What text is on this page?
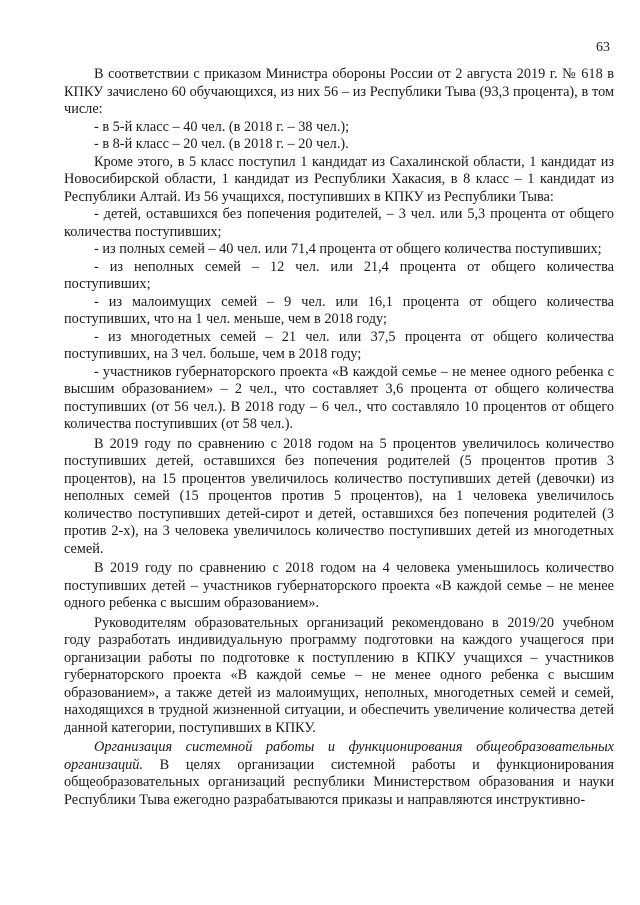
63

В соответствии с приказом Министра обороны России от 2 августа 2019 г. № 618 в КПКУ зачислено 60 обучающихся, из них 56 – из Республики Тыва (93,3 процента), в том числе:

- в 5-й класс – 40 чел. (в 2018 г. – 38 чел.);

- в 8-й класс – 20 чел. (в 2018 г. – 20 чел.).

Кроме этого, в 5 класс поступил 1 кандидат из Сахалинской области, 1 кандидат из Новосибирской области, 1 кандидат из Республики Хакасия, в 8 класс – 1 кандидат из Республики Алтай. Из 56 учащихся, поступивших в КПКУ из Республики Тыва:

- детей, оставшихся без попечения родителей, – 3 чел. или 5,3 процента от общего количества поступивших;

- из полных семей – 40 чел. или 71,4 процента от общего количества поступивших;

- из неполных семей – 12 чел. или 21,4 процента от общего количества поступивших;

- из малоимущих семей – 9 чел. или 16,1 процента от общего количества поступивших, что на 1 чел. меньше, чем в 2018 году;

- из многодетных семей – 21 чел. или 37,5 процента от общего количества поступивших, на 3 чел. больше, чем в 2018 году;

- участников губернаторского проекта «В каждой семье – не менее одного ребенка с высшим образованием» – 2 чел., что составляет 3,6 процента от общего количества поступивших (от 56 чел.). В 2018 году – 6 чел., что составляло 10 процентов от общего количества поступивших (от 58 чел.).

В 2019 году по сравнению с 2018 годом на 5 процентов увеличилось количество поступивших детей, оставшихся без попечения родителей (5 процентов против 3 процентов), на 15 процентов увеличилось количество поступивших детей (девочки) из неполных семей (15 процентов против 5 процентов), на 1 человека увеличилось количество поступивших детей-сирот и детей, оставшихся без попечения родителей (3 против 2-х), на 3 человека увеличилось количество поступивших детей из многодетных семей.

В 2019 году по сравнению с 2018 годом на 4 человека уменьшилось количество поступивших детей – участников губернаторского проекта «В каждой семье – не менее одного ребенка с высшим образованием».

Руководителям образовательных организаций рекомендовано в 2019/20 учебном году разработать индивидуальную программу подготовки на каждого учащегося при организации работы по подготовке к поступлению в КПКУ учащихся – участников губернаторского проекта «В каждой семье – не менее одного ребенка с высшим образованием», а также детей из малоимущих, неполных, многодетных семей и семей, находящихся в трудной жизненной ситуации, и обеспечить увеличение количества детей данной категории, поступивших в КПКУ.

Организация системной работы и функционирования общеобразовательных организаций. В целях организации системной работы и функционирования общеобразовательных организаций республики Министерством образования и науки Республики Тыва ежегодно разрабатываются приказы и направляются инструктивно-
